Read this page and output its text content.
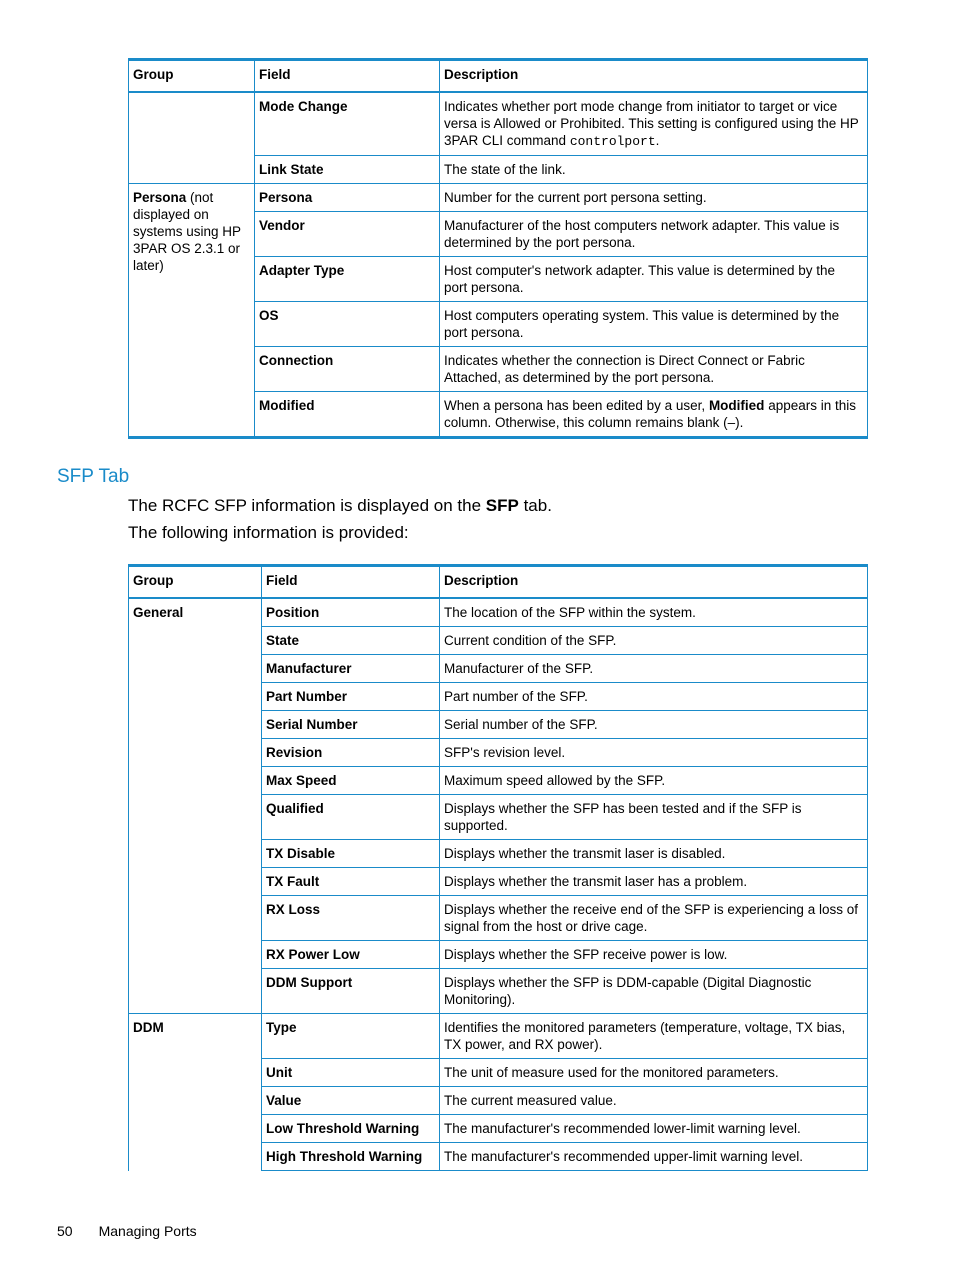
Group	Field	Description
	Mode Change	Indicates whether port mode change from initiator to target or vice versa is Allowed or Prohibited. This setting is configured using the HP 3PAR CLI command controlport.
	Link State	The state of the link.
Persona (not displayed on systems using HP 3PAR OS 2.3.1 or later)	Persona	Number for the current port persona setting.
	Vendor	Manufacturer of the host computers network adapter. This value is determined by the port persona.
	Adapter Type	Host computer's network adapter. This value is determined by the port persona.
	OS	Host computers operating system. This value is determined by the port persona.
	Connection	Indicates whether the connection is Direct Connect or Fabric Attached, as determined by the port persona.
	Modified	When a persona has been edited by a user, Modified appears in this column. Otherwise, this column remains blank (–).
SFP Tab
The RCFC SFP information is displayed on the SFP tab.
The following information is provided:
Group	Field	Description
General	Position	The location of the SFP within the system.
	State	Current condition of the SFP.
	Manufacturer	Manufacturer of the SFP.
	Part Number	Part number of the SFP.
	Serial Number	Serial number of the SFP.
	Revision	SFP's revision level.
	Max Speed	Maximum speed allowed by the SFP.
	Qualified	Displays whether the SFP has been tested and if the SFP is supported.
	TX Disable	Displays whether the transmit laser is disabled.
	TX Fault	Displays whether the transmit laser has a problem.
	RX Loss	Displays whether the receive end of the SFP is experiencing a loss of signal from the host or drive cage.
	RX Power Low	Displays whether the SFP receive power is low.
	DDM Support	Displays whether the SFP is DDM-capable (Digital Diagnostic Monitoring).
DDM	Type	Identifies the monitored parameters (temperature, voltage, TX bias, TX power, and RX power).
	Unit	The unit of measure used for the monitored parameters.
	Value	The current measured value.
	Low Threshold Warning	The manufacturer's recommended lower-limit warning level.
	High Threshold Warning	The manufacturer's recommended upper-limit warning level.
50 Managing Ports
